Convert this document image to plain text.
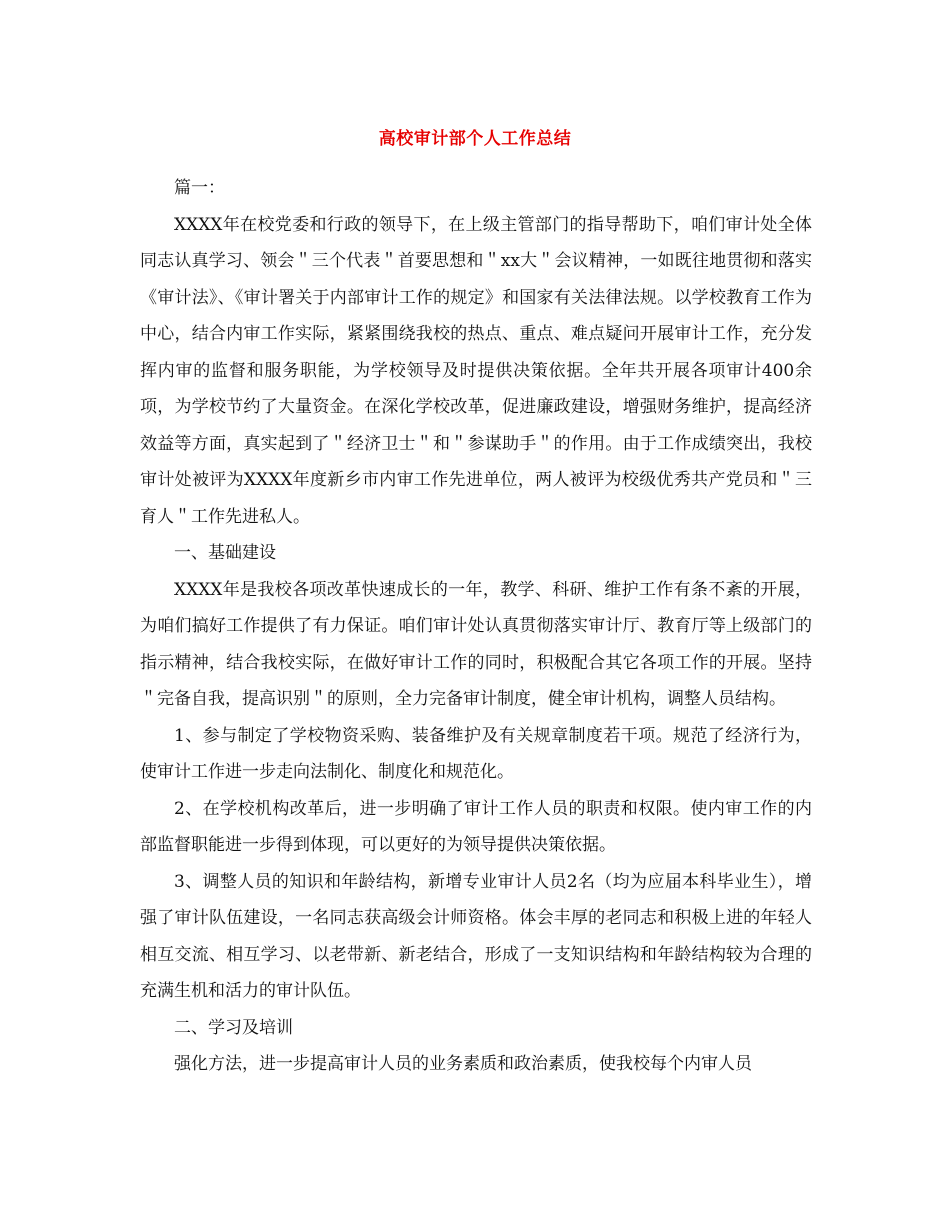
高校审计部个人工作总结

篇一：

XXXX年在校党委和行政的领导下，在上级主管部门的指导帮助下，咱们审计处全体同志认真学习、领会＂三个代表＂首要思想和＂xx大＂会议精神，一如既往地贯彻和落实《审计法》、《审计署关于内部审计工作的规定》和国家有关法律法规。以学校教育工作为中心，结合内审工作实际，紧紧围绕我校的热点、重点、难点疑问开展审计工作，充分发挥内审的监督和服务职能，为学校领导及时提供决策依据。全年共开展各项审计400余项，为学校节约了大量资金。在深化学校改革，促进廉政建设，增强财务维护，提高经济效益等方面，真实起到了＂经济卫士＂和＂参谋助手＂的作用。由于工作成绩突出，我校审计处被评为XXXX年度新乡市内审工作先进单位，两人被评为校级优秀共产党员和＂三育人＂工作先进私人。

一、基础建设

XXXX年是我校各项改革快速成长的一年，教学、科研、维护工作有条不紊的开展，为咱们搞好工作提供了有力保证。咱们审计处认真贯彻落实审计厅、教育厅等上级部门的指示精神，结合我校实际，在做好审计工作的同时，积极配合其它各项工作的开展。坚持＂完备自我，提高识别＂的原则，全力完备审计制度，健全审计机构，调整人员结构。

1、参与制定了学校物资采购、装备维护及有关规章制度若干项。规范了经济行为，使审计工作进一步走向法制化、制度化和规范化。

2、在学校机构改革后，进一步明确了审计工作人员的职责和权限。使内审工作的内部监督职能进一步得到体现，可以更好的为领导提供决策依据。

3、调整人员的知识和年龄结构，新增专业审计人员2名（均为应届本科毕业生），增强了审计队伍建设，一名同志获高级会计师资格。体会丰厚的老同志和积极上进的年轻人相互交流、相互学习、以老带新、新老结合，形成了一支知识结构和年龄结构较为合理的充满生机和活力的审计队伍。

二、学习及培训

强化方法，进一步提高审计人员的业务素质和政治素质，使我校每个内审人员
